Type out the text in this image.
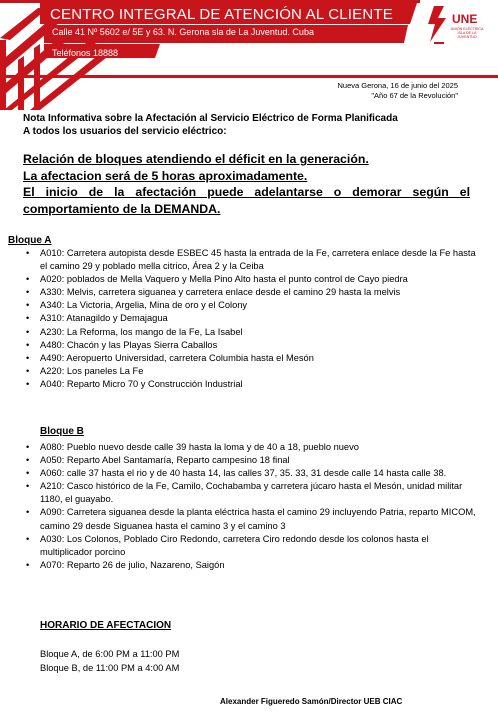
CENTRO INTEGRAL DE ATENCIÓN AL CLIENTE
Calle 41 Nº 5602 e/ 5E y 63. N. Gerona sla de La Juventud. Cuba
Teléfonos 18888
UNE
UNIÓN ELÉCTRICA ISLA DE LA JUVENTUD
Nueva Gerona, 16 de junio del 2025
"Año 67 de la Revolución"
Nota Informativa sobre la Afectación al Servicio Eléctrico de Forma Planificada
A todos los usuarios del servicio eléctrico:
Relación de bloques atendiendo el déficit en la generación.
La afectacion será de 5 horas aproximadamente.
El inicio de la afectación puede adelantarse o demorar según el
comportamiento de la DEMANDA.
Bloque A
• A010: Carretera autopista desde ESBEC 45 hasta la entrada de la Fe, carretera enlace desde la Fe hasta el camino 29 y poblado mella citrico, Área 2 y la Ceiba
• A020: poblados de Mella Vaquero y Mella Pino Alto hasta el punto control de Cayo piedra
• A330: Melvis, carretera siguanea y carretera enlace desde el camino 29 hasta la melvis
• A340: La Victoria, Argelia, Mina de oro y el Colony
• A310: Atanagildo y Demajagua
• A230: La Reforma, los mango de la Fe, La Isabel
• A480: Chacón y las Playas Sierra Caballos
• A490: Aeropuerto Universidad, carretera Columbia hasta el Mesón
• A220: Los paneles La Fe
• A040: Reparto Micro 70 y Construcción Industrial
Bloque B
• A080: Pueblo nuevo desde calle 39 hasta la loma y de 40 a 18, pueblo nuevo
• A050: Reparto Abel Santamaría, Reparto campesino 18 final
• A060: calle 37 hasta el rio y de 40 hasta 14, las calles 37, 35. 33, 31 desde calle 14 hasta calle 38.
• A210: Casco histórico de la Fe, Camilo, Cochabamba y carretera júcaro hasta el Mesón, unidad militar 1180, el guayabo.
• A090: Carretera siguanea desde la planta eléctrica hasta el camino 29 incluyendo Patria, reparto MICOM, camino 29 desde Siguanea hasta el camino 3 y el camino 3
• A030: Los Colonos, Poblado Ciro Redondo, carretera Ciro redondo desde los colonos hasta el multiplicador porcino
• A070: Reparto 26 de julio, Nazareno, Saigón
HORARIO DE AFECTACION
Bloque A, de 6:00 PM a 11:00 PM
Bloque B, de 11:00 PM a 4:00 AM
Alexander Figueredo Samón/Director UEB CIAC
